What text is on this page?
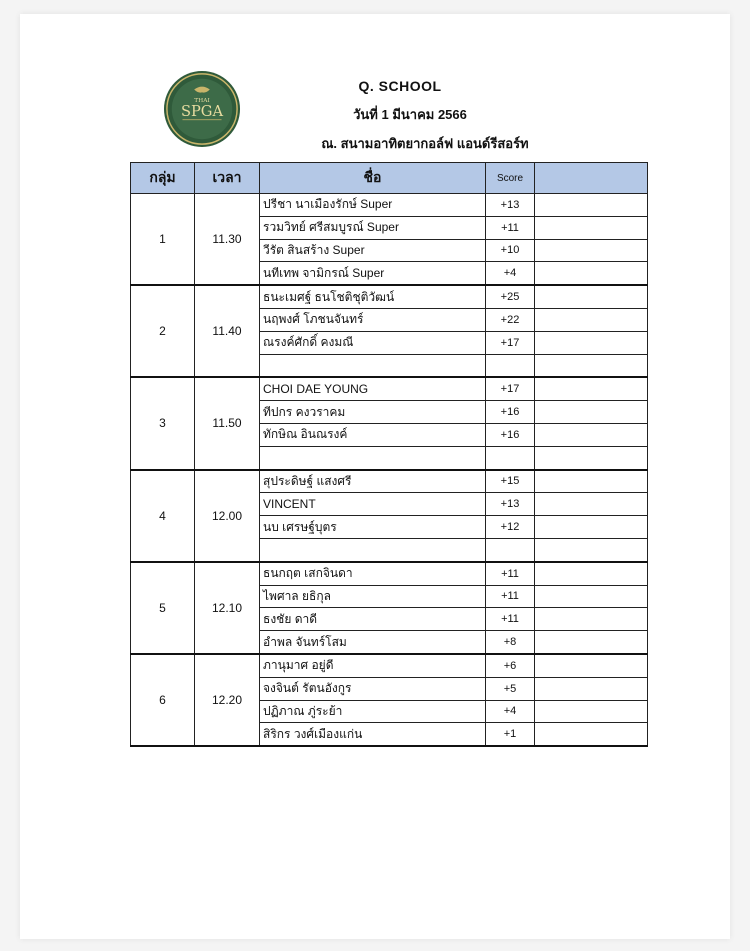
THAI
SPGA
Q. SCHOOL
วันที่ 1 มีนาคม 2566
ณ. สนามอาทิตยากอล์ฟ แอนด์รีสอร์ท
กลุ่ม	เวลา	ชื่อ	Score	
1	11.30	ปรีชา นาเมืองรักษ์ Super	+13	
		รวมวิทย์ ศรีสมบูรณ์ Super	+11	
		วีรัต สินสร้าง Super	+10	
		นทีเทพ จามิกรณ์ Super	+4	
2	11.40	ธนะเมศฐ์ ธนโชติชุติวัฒน์	+25	
		นฤพงศ์ โภชนจันทร์	+22	
		ณรงค์ศักดิ์ คงมณี	+17	

3	11.50	CHOI DAE YOUNG	+17	
		ทีปกร คงวราคม	+16	
		ทักษิณ อินณรงค์	+16	

4	12.00	สุประดิษฐ์ แสงศรี	+15	
		VINCENT	+13	
		นบ เศรษฐ์บุตร	+12	

5	12.10	ธนกฤต เสกจินดา	+11	
		ไพศาล ยธิกุล	+11	
		ธงชัย ดาดี	+11	
		อำพล จันทร์โสม	+8	
6	12.20	ภานุมาศ อยู่ดี	+6	
		จงจินต์ รัตนอังกูร	+5	
		ปฏิภาณ ภู่ระย้า	+4	
		สิริกร วงศ์เมืองแก่น	+1	
